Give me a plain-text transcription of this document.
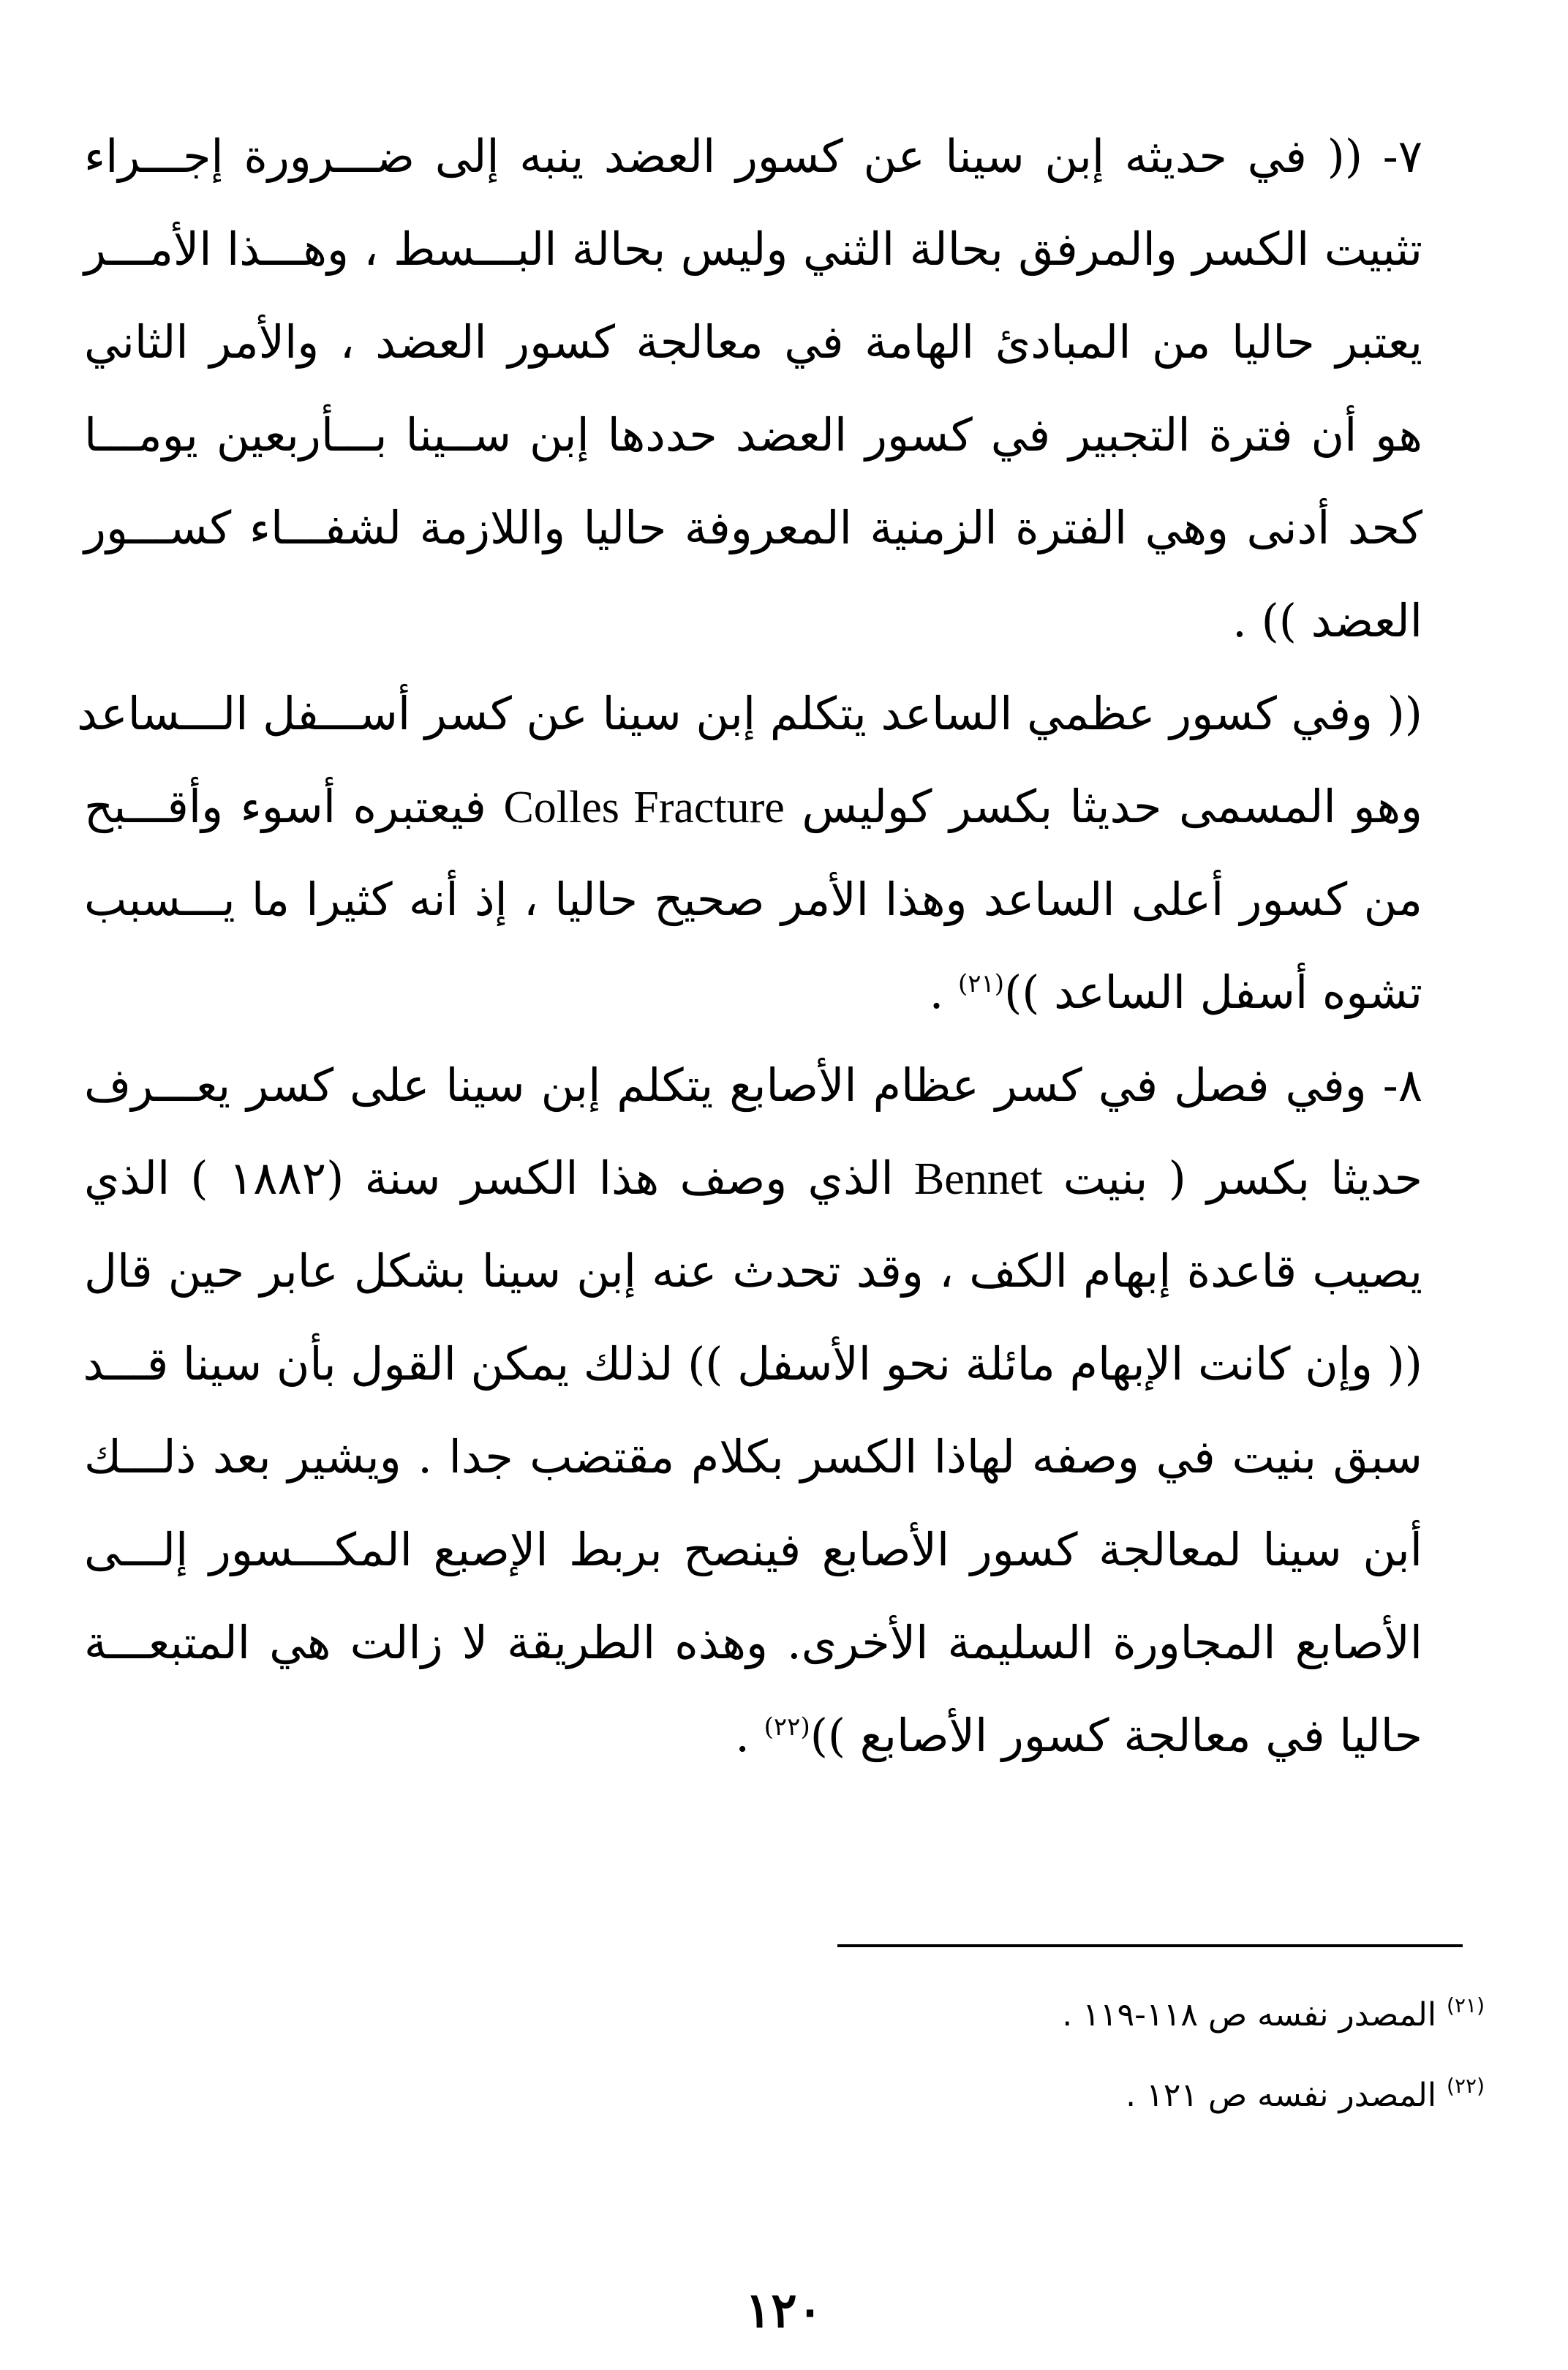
٧- (( في حديثه إبن سينا عن كسور العضد ينبه إلى ضـــرورة إجـــراء
تثبيت الكسر والمرفق بحالة الثني وليس بحالة البـــسط ، وهـــذا الأمـــر
يعتبر حاليا من المبادئ الهامة في معالجة كسور العضد ، والأمر الثاني
هو أن فترة التجبير في كسور العضد حددها إبن ســينا بـــأربعين يومـــا
كحد أدنى وهي الفترة الزمنية المعروفة حاليا واللازمة لشفـــاء كســـور
العضد )) .
(( وفي كسور عظمي الساعد يتكلم إبن سينا عن كسر أســـفل الـــساعد
وهو المسمى حديثا بكسر كوليس Colles Fracture فيعتبره أسوء وأقـــبح
من كسور أعلى الساعد وهذا الأمر صحيح حاليا ، إذ أنه كثيرا ما يـــسبب
تشوه أسفل الساعد ))$^{(٢١)}$ .
٨- وفي فصل في كسر عظام الأصابع يتكلم إبن سينا على كسر يعـــرف
حديثا بكسر ( بنيت Bennet الذي وصف هذا الكسر سنة (١٨٨٢ ) الذي
يصيب قاعدة إبهام الكف ، وقد تحدث عنه إبن سينا بشكل عابر حين قال
(( وإن كانت الإبهام مائلة نحو الأسفل )) لذلك يمكن القول بأن سينا قـــد
سبق بنيت في وصفه لهاذا الكسر بكلام مقتضب جدا . ويشير بعد ذلـــك
أبن سينا لمعالجة كسور الأصابع فينصح بربط الإصبع المكـــسور إلـــى
الأصابع المجاورة السليمة الأخرى. وهذه الطريقة لا زالت هي المتبعـــة
حاليا في معالجة كسور الأصابع ))$^{(٢٢)}$ .
$^{(٢١)}$ المصدر نفسه ص ١١٨-١١٩ .
$^{(٢٢)}$ المصدر نفسه ص ١٢١ .
١٢٠
